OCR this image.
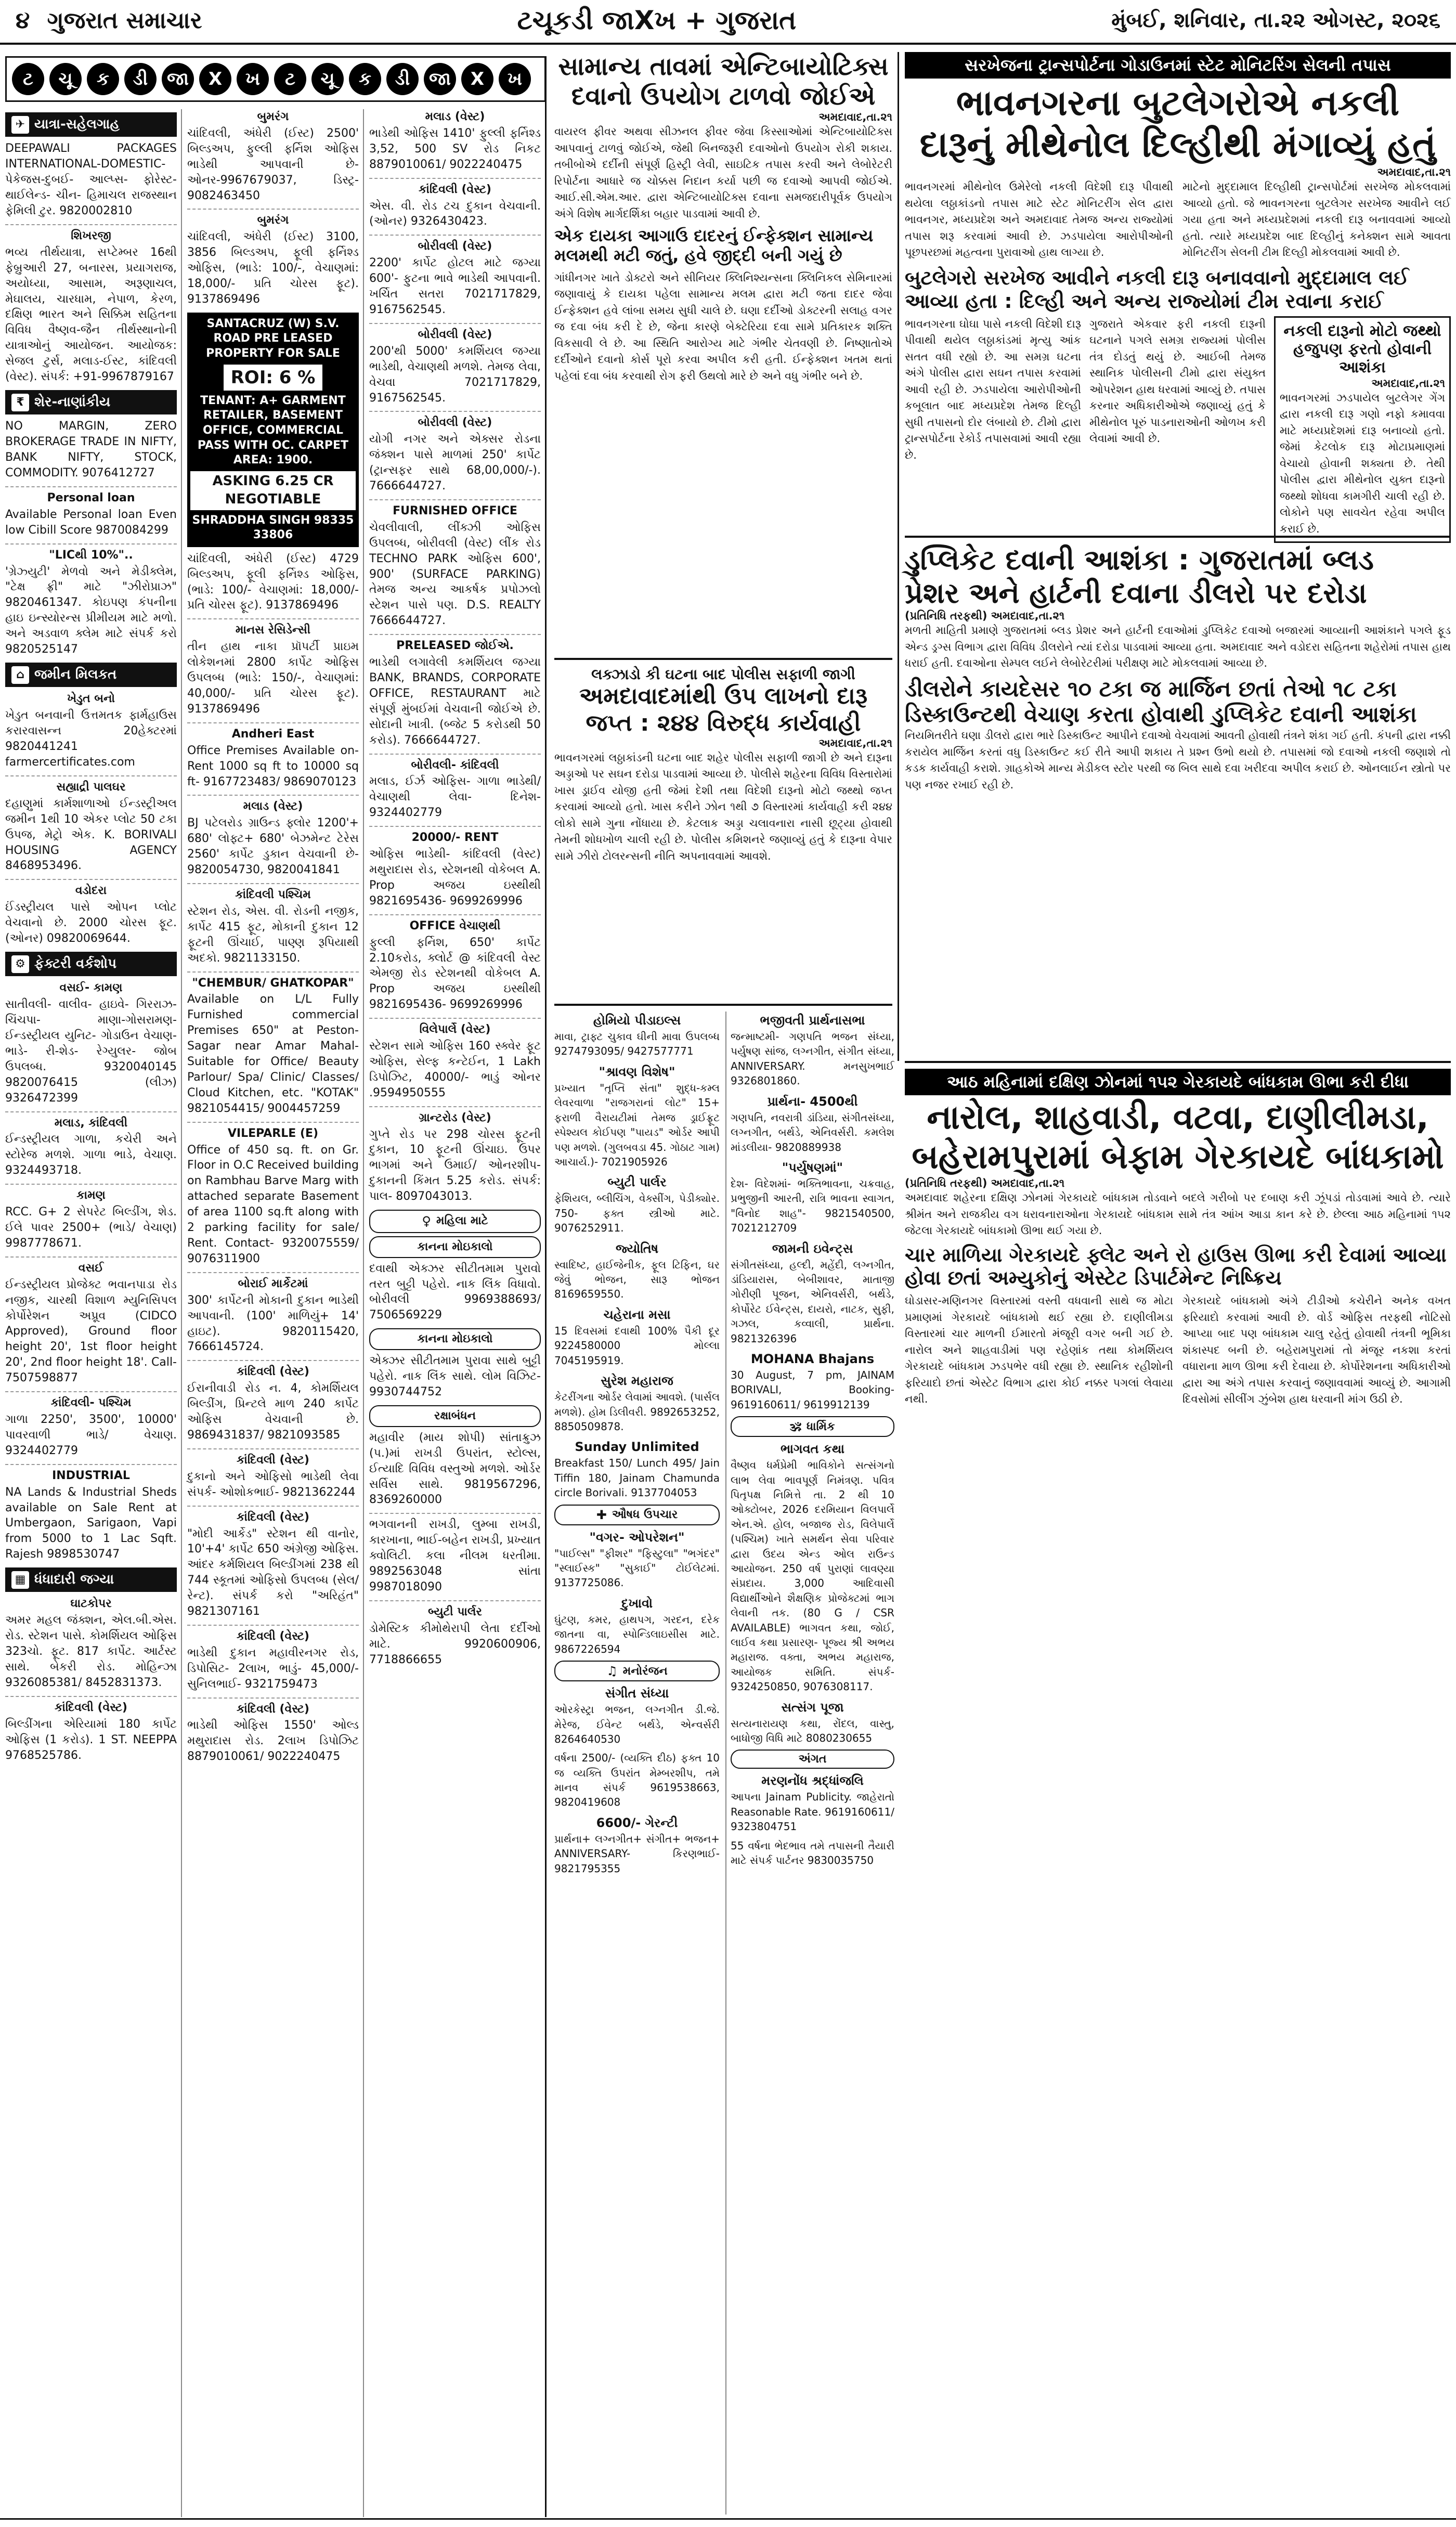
૪ ગુજરાત સમાચાર	ટચૂકડી જાXખ + ગુજરાત	મુંબઈ, શનિવાર, તા.૨૨ ઓગસ્ટ, ૨૦૨૬
ટ	ચૂ	ક	ડી	જા	X	ખ	ટ	ચૂ	ક	ડી	જા	X	ખ
✈ યાત્રા-સહેલગાહ
DEEPAWALI PACKAGES INTERNATIONAL-DOMESTIC- પેકેજસ-દુબઈ- આલ્પ્સ- ફોરેસ્ટ- થાઈલેન્ડ- ચીન- હિમાચલ રાજસ્થાન ફેમિલી ટુર. 9820002810
શિખરજી
ભવ્ય તીર્થયાત્રા, સપ્ટેમ્બર 16થી ફેબ્રુઆરી 27, બનારસ, પ્રયાગરાજ, અયોધ્યા, આસામ, અરૂણાચલ, મેઘાલય, ચારધામ, નેપાળ, કેરળ, દક્ષિણ ભારત અને સિક્કિમ સહિતના વિવિધ વૈષ્ણવ-જૈન તીર્થસ્થાનોની યાત્રાઓનું આયોજન. આયોજક: સેજલ ટુર્સ, મલાડ-ઈસ્ટ, કાંદિવલી (વેસ્ટ). સંપર્ક: +91-9967879167
₹ શેર-નાણાંકીય
NO MARGIN, ZERO BROKERAGE TRADE IN NIFTY, BANK NIFTY, STOCK, COMMODITY. 9076412727
Personal loan
Available Personal loan Even low Cibill Score 9870084299
"LICથી 10%"..
'ગ્રેઝ્યુટી' મેળવો અને મેડીક્લેમ, "ટેક્ષ ફ્રી" માટે "ઝીરોપ્રાઝ" 9820461347. કોઇપણ કંપનીના હાઇ ઇન્સ્યોરન્સ પ્રીમીયમ માટે મળો. અને અડવાળ ક્લેમ માટે સંપર્ક કરો 9820525147
⌂ જમીન મિલકત
ખેડુત બનો
ખેડુત બનવાની ઉત્તમતક ફાર્મહાઉસ કરારવાસન્ન 20હેક્ટરમાં 9820441241 farmercertificates.com
સહ્યાદ્રી પાલઘર
દહાણુમાં કાર્મશાળાઓ ઈન્ડસ્ટ્રીઅલ જમીન 1થી 10 એકર પ્લોટ 50 ટકા ઉપજ, મેટ્રો એક. K. BORIVALI HOUSING AGENCY 8468953496.
વડોદરા
ઈંડસ્ટ્રીયલ પાસે ઓપન પ્લોટ વેચવાનો છે. 2000 ચોરસ ફૂટ. (ઓનર) 09820069644.
⚙ ફેક્ટરી વર્કશોપ
વસઈ- કામણ
સાતીવલી- વાલીવ- હાઇવે- ગિરરાઝ- ચિંચપા- માણા-ગોસરામણ- ઈન્ડસ્ટ્રીયલ યુનિટ- ગોડાઉન વેચાણ- ભાડે- રી-શેડ- રેગ્યુલર- જોબ ઉપલબ્ધ. 9320040145 9820076415	(લીઝ) 9326472399
મલાડ, કાંદિવલી
ઈન્ડસ્ટ્રીયલ ગાળા, કચેરી અને સ્ટોરેજ મળશે. ગાળા ભાડે, વેચાણ. 9324493718.
કામણ
RCC. G+ 2 સેપરેટ બિલ્ડીંગ, શેડ. ઈલે પાવર 2500+ (ભાડે/ વેચાણ) 9987778671.
વસઈ
ઈન્ડસ્ટ્રીયલ પ્રોજેક્ટ ભવાનપાડા રોડ નજીક, ચારથી વિશાળ મ્યુનિસિપલ કોર્પોરેશન અપ્રૂવ (CIDCO Approved), Ground floor height 20', 1st floor height 20', 2nd floor height 18'. Call- 7507598877
કાંદિવલી- પશ્ચિમ
ગાળા 2250', 3500', 10000' પાવરવાળી ભાડે/ વેચાણ. 9324402779
INDUSTRIAL
NA Lands & Industrial Sheds available on Sale Rent at Umbergaon, Sarigaon, Vapi from 5000 to 1 Lac Sqft. Rajesh 9898530747
▦ ધંધાદારી જગ્યા
ઘાટકોપર
અમર મહલ જંક્શન, એલ.બી.એસ. રોડ. સ્ટેશન પાસે. કોમર્શિયલ ઓફિસ 323ચો. ફૂટ. 817 કાર્પેટ. આર્ટસ્ટ સાથે. બેકરી રોડ. મોહિન્ઝા 9326085381/ 8452831373.
કાંદિવલી (વેસ્ટ)
બિલ્ડીંગના એરિયામાં 180 કાર્પેટ ઓફિસ (1 કરોડ). 1 ST. NEEPPA 9768525786.
બુમરંગ
ચાંદિવલી, અંધેરી (ઈસ્ટ) 2500' બિલ્ડઅપ, ફુલ્લી ફર્નિશ ઓફિસ ભાડેથી આપવાની છે- ઓનર-9967679037, ડિસ્ટ્ર- 9082463450
બુમરંગ
ચાંદિવલી, અંધેરી (ઈસ્ટ) 3100, 3856 બિલ્ડઅપ, ફૂલી ફર્નિશ્ડ ઓફિસ, (ભાડે: 100/-, વેચાણમાં: 18,000/- પ્રતિ ચોરસ ફૂટ). 9137869496
SANTACRUZ (W) S.V. ROAD PRE LEASED PROPERTY FOR SALE
ROI: 6 %
TENANT: A+ GARMENT RETAILER, BASEMENT OFFICE, COMMERCIAL PASS WITH OC. CARPET AREA: 1900.
ASKING 6.25 CR NEGOTIABLE
SHRADDHA SINGH 98335 33806
ચાંદિવલી, અંધેરી (ઈસ્ટ) 4729 બિલ્ડઅપ, ફૂલી ફર્નિશ્ડ ઓફિસ, (ભાડે: 100/- વેચાણમાં: 18,000/- પ્રતિ ચોરસ ફૂટ). 9137869496
માનસ રેસિડેન્સી
તીન હાથ નાકા પ્રૉપર્ટી પ્રાઇમ લોકેશનમાં 2800 કાર્પેટ ઓફિસ ઉપલબ્ધ (ભાડે: 150/-, વેચાણમાં: 40,000/- પ્રતિ ચોરસ ફૂટ). 9137869496
Andheri East
Office Premises Available on- Rent 1000 sq ft to 10000 sq ft- 9167723483/ 9869070123
મલાડ (વેસ્ટ)
BJ પટેલરોડ ગ્રાઉન્ડ ફ્લોર 1200'+ 680' લોફ્ટ+ 680' બેઝમેન્ટ ટેરેસ 2560' કાર્પેટ ડુકાન વેચવાની છે- 9820054730, 9820041841
કાંદિવલી પશ્ચિમ
સ્ટેશન રોડ, એસ. વી. રોડની નજીક, કાર્પેટ 415 ફૂટ, મોકાની દુકાન 12 ફૂટની ઊંચાઈ, પાણ્ણ રૂપિયાથી અદકો. 9821133150.
"CHEMBUR/ GHATKOPAR"
Available on L/L Fully Furnished commercial Premises 650" at Peston-Sagar near Amar Mahal-Suitable for Office/ Beauty Parlour/ Spa/ Clinic/ Classes/ Cloud Kitchen, etc. "KOTAK" 9821054415/ 9004457259
VILEPARLE (E)
Office of 450 sq. ft. on Gr. Floor in O.C Received building on Rambhau Barve Marg with attached separate Basement of area 1100 sq.ft along with 2 parking facility for sale/ Rent. Contact- 9320075559/ 9076311900
બોરાઈ માર્કેટમાં
300' કાર્પેટની મોકાની દુકાન ભાડેથી આપવાની. (100' માળિયું+ 14' હાઇટ). 9820115420, 7666145724.
કાંદિવલી (વેસ્ટ)
ઈરાનીવાડી રોડ ન. 4, કોમર્શિયલ બિલ્ડીંગ, પ્રિન્ટલે માળ 240 કાર્પેટ ઓફિસ વેચવાની છે. 9869431837/ 9821093585
કાંદિવલી (વેસ્ટ)
દુકાનો અને ઓફિસો ભાડેથી લેવા સંપર્ક- ઓશોકભાઈ- 9821362244
કાંદિવલી (વેસ્ટ)
"મોદી આર્કેડ" સ્ટેશન થી વાનોર, 10'+4' કાર્પેટ 650 અંગ્રેજી ઓફિસ. આંદર કર્મશિયલ બિલ્ડીંગમાં 238 થી 744 સ્કૂતમાં ઓફિસો ઉપલબ્ધ (સેલ/ રેન્ટ). સંપર્ક કરો "અરિહંત" 9821307161
કાંદિવલી (વેસ્ટ)
ભાડેથી દુકાન મહાવીરનગર રોડ, ડિપોસિટ- 2લાખ, ભાડું- 45,000/- સુનિલભાઈ- 9321759473
કાંદિવલી (વેસ્ટ)
ભાડેથી ઓફિસ 1550' ઓલ્ડ મથુરાદાસ રોડ. 2લાખ ડિપોઝિટ 8879010061/ 9022240475
મલાડ (વેસ્ટ)
ભાડેથી ઓફિસ 1410' ફુલ્લી ફર્નિશ્ડ 3,52, 500 SV રોડ નિકટ 8879010061/ 9022240475
કાંદિવલી (વેસ્ટ)
એસ. વી. રોડ ટચ દુકાન વેચવાની. (ઓનર) 9326430423.
બોરીવલી (વેસ્ટ)
2200' કાર્પેટ હોટલ માટે જગ્યા 600'- ફુટના ભાવે ભાડેથી આપવાની. ખર્ચિત સતરા 7021717829, 9167562545.
બોરીવલી (વેસ્ટ)
200'થી 5000' કમર્શિયલ જગ્યા ભાડેથી, વેચાણથી મળશે. તેમજ લેવા, વેચવા 7021717829, 9167562545.
બોરીવલી (વેસ્ટ)
યોગી નગર અને એક્સર રોડના જંક્શન પાસે માળમાં 250' કાર્પેટ (ટ્રાન્સફર સાથે 68,00,000/-). 7666644727.
FURNISHED OFFICE
ચેવલીવાલી, લીંક્ઝી ઓફિસ ઉપલબ્ધ, બોરીવલી (વેસ્ટ) લીંક રોડ TECHNO PARK ઓફિસ 600', 900' (SURFACE PARKING) તેમજ અન્ય આકર્ષક પ્રપોઝલો સ્ટેશન પાસે પણ. D.S. REALTY 7666644727.
PRELEASED જોઈએ.
ભાડેથી લગાવેલી કમર્શિયલ જગ્યા BANK, BRANDS, CORPORATE OFFICE, RESTAURANT માટે સંપૂર્ણ મુંબઈમાં વેચવાની જોઈએ છે. સોદાની ખાત્રી. (બ્જેટ 5 કરોડથી 50 કરોડ). 7666644727.
બોરીવલી- કાંદિવલી
મલાડ, ઈર્ઝ ઓફિસ- ગાળા ભાડેથી/ વેચાણથી લેવા- દિનેશ- 9324402779
20000/- RENT
ઓફિસ ભાડેથી- કાંદિવલી (વેસ્ટ) મથુરાદાસ રોડ, સ્ટેશનથી વોકેબલ A. Prop અજય ઇસ્થીથી 9821695436- 9699269996
OFFICE વેચાણથી
ફુલ્લી ફર્નિશ, 650' કાર્પેટ 2.10કરોડ, ક્લોર્ટ @ કાંદિવલી વેસ્ટ એમજી રોડ સ્ટેશનથી વોકેબલ A. Prop અજય ઇસ્થીથી 9821695436- 9699269996
વિલેપાર્લે (વેસ્ટ)
સ્ટેશન સામે ઓફિસ 160 સ્ક્વેર ફૂટ ઓફિસ, સેલ્ફ કન્ટેઈન, 1 Lakh ડિપોઝિટ, 40000/- ભાડું ઓનર .9594950555
ગ્રાન્ટરોડ (વેસ્ટ)
ગુપ્તે રોડ પર 298 ચોરસ ફૂટની દુકાન, 10 ફૂટની ઊંચાઇ. ઉપર ભાગમાં અને ઉમાઈ/ ઓનરશીપ- દુકાનની કિંમત 5.25 કરોડ. સંપર્ક: પાલ- 8097043013.
♀ મહિલા માટે
કાનના મોઇકાલો
દવાથી એક્ઝર સીટીતમામ પુરાવો તરત બુટ્ટી પહેરો. નાક લિંક વિધાવો. બોરીવલી 9969388693/ 7506569229
કાનના મોઇકાલો
એક્ઝર સીટીતમામ પુરાવા સાથે બુટ્ટી પહેરો. નાક લિંક સાથે. લોમ વિઝિટ- 9930744752
રક્ષાબંધન
મહાવીર (માય શોપી) સાંતાક્રુઝ (પ.)માં રાખડી ઉપરાંત, સ્ટોલ્સ, ઈત્યાદિ વિવિધ વસ્તુઓ મળશે. ઓર્ડર સર્વિસ સાથે. 9819567296, 8369260000
ભગવાનની રાખડી, લુમ્બા રાખડી, કારખાના, ભાઈ-બહેન રાખડી, પ્રખ્યાત ક્વોલિટી. કલા નીલમ ધરતીમા. 9892563048 સાંતા 9987018090
બ્યુટી પાર્લર
ડોમેસ્ટિક કીમોથેરાપી લેતા દર્દીઓ માટે. 9920600906, 7718866655
સામાન્ય તાવમાં એન્ટિબાયોટિક્સ
દવાનો ઉપયોગ ટાળવો જોઈએ
અમદાવાદ,તા.૨૧
વાયરલ ફીવર અથવા સીઝનલ ફીવર જેવા કિસ્સાઓમાં એન્ટિબાયોટિક્સ આપવાનું ટાળવું જોઈએ, જેથી બિનજરૂરી દવાઓનો ઉપયોગ રોકી શકાય. તબીબોએ દર્દીની સંપૂર્ણ હિસ્ટ્રી લેવી, સાઇટિક તપાસ કરવી અને લેબોરેટરી રિપોર્ટના આધારે જ ચોક્કસ નિદાન કર્યા પછી જ દવાઓ આપવી જોઈએ. આઈ.સી.એમ.આર. દ્વારા એન્ટિબાયોટિક્સ દવાના સમજદારીપૂર્વક ઉપયોગ અંગે વિશેષ માર્ગદર્શિકા બહાર પાડવામાં આવી છે.
એક દાયકા આગાઉ દાદરનું ઈન્ફેક્શન સામાન્ય મલમથી મટી જતું, હવે જીદ્દી બની ગયું છે
ગાંધીનગર ખાતે ડોક્ટરો અને સીનિયર ક્લિનિશ્યન્સના ક્લિનિકલ સેમિનારમાં જણાવાયું કે દાયકા પહેલા સામાન્ય મલમ દ્વારા મટી જતા દાદર જેવા ઈન્ફેક્શન હવે લાંબા સમય સુધી ચાલે છે. ઘણા દર્દીઓ ડોક્ટરની સલાહ વગર જ દવા બંધ કરી દે છે, જેના કારણે બેક્ટેરિયા દવા સામે પ્રતિકારક શક્તિ વિકસાવી લે છે. આ સ્થિતિ આરોગ્ય માટે ગંભીર ચેતવણી છે. નિષ્ણાતોએ દર્દીઓને દવાનો કોર્સ પૂરો કરવા અપીલ કરી હતી. ઈન્ફેક્શન ખતમ થતાં પહેલાં દવા બંધ કરવાથી રોગ ફરી ઉથલો મારે છે અને વધુ ગંભીર બને છે.
લક્ઝાડો કી ઘટના બાદ પોલીસ સફાળી જાગી
અમદાવાદમાંથી ઉપ લાખનો દારૂ
જપ્ત : ૨૪૪ વિરુદ્ધ કાર્યવાહી
અમદાવાદ,તા.૨૧
ભાવનગરમાં લઠ્ઠાકાંડની ઘટના બાદ શહેર પોલીસ સફાળી જાગી છે અને દારૂના અડ્ડાઓ પર સઘન દરોડા પાડવામાં આવ્યા છે. પોલીસે શહેરના વિવિધ વિસ્તારોમાં ખાસ ડ્રાઈવ યોજી હતી જેમાં દેશી તથા વિદેશી દારૂનો મોટો જથ્થો જપ્ત કરવામાં આવ્યો હતો. ખાસ કરીને ઝોન ૧થી ૭ વિસ્તારમાં કાર્યવાહી કરી ૨૪૪ લોકો સામે ગુના નોંધાયા છે. કેટલાક અડ્ડા ચલાવનારા નાસી છૂટ્યા હોવાથી તેમની શોધખોળ ચાલી રહી છે. પોલીસ કમિશનરે જણાવ્યું હતું કે દારૂના વેપાર સામે ઝીરો ટોલરન્સની નીતિ અપનાવવામાં આવશે.
સરખેજના ટ્રાન્સપોર્ટના ગોડાઉનમાં સ્ટેટ મોનિટરિંગ સેલની તપાસ
ભાવનગરના બુટલેગરોએ નકલી
દારૂનું મીથેનોલ દિલ્હીથી મંગાવ્યું હતું
અમદાવાદ,તા.૨૧
ભાવનગરમાં મીથેનોલ ઉમેરેલો નકલી વિદેશી દારૂ પીવાથી થયેલા લઠ્ઠાકાંડનો તપાસ માટે સ્ટેટ મોનિટરીંગ સેલ દ્વારા ભાવનગર, મધ્યપ્રદેશ અને અમદાવાદ તેમજ અન્ય રાજ્યોમાં તપાસ શરૂ કરવામાં આવી છે. ઝડપાયેલા આરોપીઓની પૂછપરછમાં મહત્વના પુરાવાઓ હાથ લાગ્યા છે.
માટેનો મુદ્દામાલ દિલ્હીથી ટ્રાન્સપોર્ટમાં સરખેજ મોકલવામાં આવ્યો હતો. જે ભાવનગરના બુટલેગર સરખેજ આવીને લઈ ગયા હતા અને મધ્યપ્રદેશમાં નકલી દારૂ બનાવવામાં આવ્યો હતો. ત્યારે મધ્યપ્રદેશ બાદ દિલ્હીનું કનેક્શન સામે આવતા મોનિટરીંગ સેલની ટીમ દિલ્હી મોકલવામાં આવી છે.
બુટલેગરો સરખેજ આવીને નકલી દારૂ બનાવવાનો મુદ્દામાલ લઈ
આવ્યા હતા : દિલ્હી અને અન્ય રાજ્યોમાં ટીમ રવાના કરાઈ
ભાવનગરના ઘોઘા પાસે નકલી વિદેશી દારૂ પીવાથી થયેલ લઠ્ઠાકાંડમાં મૃત્યુ આંક સતત વધી રહ્યો છે. આ સમગ્ર ઘટના અંગે પોલીસ દ્વારા સઘન તપાસ કરવામાં આવી રહી છે. ઝડપાયેલા આરોપીઓની કબૂલાત બાદ મધ્યપ્રદેશ તેમજ દિલ્હી સુધી તપાસનો દોર લંબાયો છે. ટીમો દ્વારા ટ્રાન્સપોર્ટના રેકોર્ડ તપાસવામાં આવી રહ્યા છે.
ગુજરાતે એકવાર ફરી નકલી દારૂની ઘટનાને પગલે સમગ્ર રાજ્યમાં પોલીસ તંત્ર દોડતું થયું છે. આઈબી તેમજ સ્થાનિક પોલીસની ટીમો દ્વારા સંયુક્ત ઓપરેશન હાથ ધરવામાં આવ્યું છે. તપાસ કરનાર અધિકારીઓએ જણાવ્યું હતું કે મીથેનોલ પૂરું પાડનારાઓની ઓળખ કરી લેવામાં આવી છે.
નકલી દારૂનો મોટો જથ્થો હજુપણ ફરતો હોવાની આશંકા
અમદાવાદ,તા.૨૧
ભાવનગરમાં ઝડપાયેલ બુટલેગર ગેંગ દ્વારા નકલી દારૂ ગણો નફો કમાવવા માટે મધ્યપ્રદેશમાં દારૂ બનાવ્યો હતો. જેમાં કેટલોક દારૂ મોટાપ્રમાણમાં વેચાયો હોવાની શક્યતા છે. તેથી પોલીસ દ્વારા મીથેનોલ યુક્ત દારૂનો જથ્થો શોધવા કામગીરી ચાલી રહી છે. લોકોને પણ સાવચેત રહેવા અપીલ કરાઈ છે.
ડુપ્લિકેટ દવાની આશંકા : ગુજરાતમાં બ્લડ
પ્રેશર અને હાર્ટની દવાના ડીલરો પર દરોડા
(પ્રતિનિધિ તરફથી) અમદાવાદ,તા.૨૧
મળતી માહિતી પ્રમાણે ગુજરાતમાં બ્લડ પ્રેશર અને હાર્ટની દવાઓમાં ડુપ્લિકેટ દવાઓ બજારમાં આવ્યાની આશંકાને પગલે ફૂડ એન્ડ ડ્રગ્સ વિભાગ દ્વારા વિવિધ ડીલરોને ત્યાં દરોડા પાડવામાં આવ્યા હતા. અમદાવાદ અને વડોદરા સહિતના શહેરોમાં તપાસ હાથ ધરાઈ હતી. દવાઓના સેમ્પલ લઈને લેબોરેટરીમાં પરીક્ષણ માટે મોકલવામાં આવ્યા છે.
ડીલરોને કાયદેસર ૧૦ ટકા જ માર્જિન છતાં તેઓ ૧૮ ટકા
ડિસ્કાઉન્ટથી વેચાણ કરતા હોવાથી ડુપ્લિકેટ દવાની આશંકા
નિયમિતરીતે ઘણા ડીલરો દ્વારા ભારે ડિસ્કાઉન્ટ આપીને દવાઓ વેચવામાં આવતી હોવાથી તંત્રને શંકા ગઈ હતી. કંપની દ્વારા નક્કી કરાયેલ માર્જિન કરતાં વધુ ડિસ્કાઉન્ટ કઈ રીતે આપી શકાય તે પ્રશ્ન ઉભો થયો છે. તપાસમાં જો દવાઓ નકલી જણાશે તો કડક કાર્યવાહી કરાશે. ગ્રાહકોએ માન્ય મેડીકલ સ્ટોર પરથી જ બિલ સાથે દવા ખરીદવા અપીલ કરાઈ છે. ઓનલાઈન સ્ત્રોતો પર પણ નજર રખાઈ રહી છે.
આઠ મહિનામાં દક્ષિણ ઝોનમાં ૧૫૨ ગેરકાયદે બાંધકામ ઊભા કરી દીધા
નારોલ, શાહવાડી, વટવા, દાણીલીમડા,
બહેરામપુરામાં બેફામ ગેરકાયદે બાંધકામો
(પ્રતિનિધિ તરફથી) અમદાવાદ,તા.૨૧
અમદાવાદ શહેરના દક્ષિણ ઝોનમાં ગેરકાયદે બાંધકામ તોડવાને બદલે ગરીબો પર દબાણ કરી ઝૂંપડાં તોડવામાં આવે છે. ત્યારે શ્રીમંત અને રાજકીય વગ ધરાવનારાઓના ગેરકાયદે બાંધકામ સામે તંત્ર આંખ આડા કાન કરે છે. છેલ્લા આઠ મહિનામાં ૧૫૨ જેટલા ગેરકાયદે બાંધકામો ઊભા થઈ ગયા છે.
ચાર માળિયા ગેરકાયદે ફ્લેટ અને રો હાઉસ ઊભા કરી દેવામાં આવ્યા
હોવા છતાં અમ્યુકોનું એસ્ટેટ ડિપાર્ટમેન્ટ નિષ્ક્રિય
ઘોડાસર-મણિનગર વિસ્તારમાં વસ્તી વધવાની સાથે જ મોટા પ્રમાણમાં ગેરકાયદે બાંધકામો થઈ રહ્યા છે. દાણીલીમડા વિસ્તારમાં ચાર માળની ઈમારતો મંજૂરી વગર બની ગઈ છે. નારોલ અને શાહવાડીમાં પણ રહેણાંક તથા કોમર્શિયલ ગેરકાયદે બાંધકામ ઝડપભેર વધી રહ્યા છે. સ્થાનિક રહીશોની ફરિયાદો છતાં એસ્ટેટ વિભાગ દ્વારા કોઈ નક્કર પગલાં લેવાયા નથી.
ગેરકાયદે બાંધકામો અંગે ટીડીઓ કચેરીને અનેક વખત ફરિયાદો કરવામાં આવી છે. વોર્ડ ઓફિસ તરફથી નોટિસો આપ્યા બાદ પણ બાંધકામ ચાલુ રહેતું હોવાથી તંત્રની ભૂમિકા શંકાસ્પદ બની છે. બહેરામપુરામાં તો મંજૂર નકશા કરતાં વધારાના માળ ઊભા કરી દેવાયા છે. કોર્પોરેશનના અધિકારીઓ દ્વારા આ અંગે તપાસ કરવાનું જણાવવામાં આવ્યું છે. આગામી દિવસોમાં સીલીંગ ઝુંબેશ હાથ ધરવાની માંગ ઉઠી છે.
હોમિયો પીડાઇલ્સ
માવા, ટ્રાફ્ટ ચુકાવ ઘીની માવા ઉપલબ્ધ 9274793095/ 9427577771
"શ્રાવણ વિશેષ"
પ્રખ્યાત "તૃપ્તિ સંતા" શુદ્ધ-કમ્લ લેવરવાળા "રાજગરાનાં લોટ" 15+ ફરાળી વૈરાયટીમાં તેમજ ડ્રાઈફ્રૂટ સ્પેશ્યલ કોઈપણ "પાયડ" ઓર્ડર આપી પણ મળશે. (ગુલબવડા 45. ગોઠાટ ગામ) આચાર્ય.)- 7021905926
બ્યુટી પાર્લર
ફેશિયલ, બ્લીચિંગ, વેક્સીંગ, પેડીક્યોર. 750- ફક્ત સ્ત્રીઓ માટે. 9076252911.
જ્યોતિષ
સ્વાદિષ્ટ, હાઈજેનીક, ફૂલ ટિફિન, ઘર જેવું ભોજન, સારૂ ભોજન 8169659550.
ચહેરાના મસા
15 દિવસમાં દવાથી 100% પૈકી દૂર 9224580000 મોલ્લા 7045195919.
સુરેશ મહારાજ
કેટરીંગના ઓર્ડર લેવામાં આવશે. (પાર્સલ મળશે). હોમ ડિલીવરી. 9892653252, 8850509878.
Sunday Unlimited
Breakfast 150/ Lunch 495/ Jain Tiffin 180, Jainam Chamunda circle Borivali. 9137704053
✚ ઔષધ ઉપચાર
"વગર- ઓપરેશન"
"પાઈલ્સ" "ફીશર" "ફિસ્ટુલા" "ભગંદર" "સ્લાઈસ્ક" "સુકાઈ" ટોઈલેટમાં. 9137725086.
દુખાવો
ઘુંટણ, કમર, હાથપગ, ગરદન, દરેક જાતના વા, સ્પોન્ડિલાઇસીસ માટે. 9867226594
♫ મનોરંજન
સંગીત સંધ્યા
ઓરકેસ્ટ્રા ભજન, લગ્નગીત ડી.જે. મેરેજ, ઈવેન્ટ બર્થડે, એન્વર્સરી 8264640530
વર્ષના 2500/- (વ્યક્તિ દીઠ) ફક્ત 10 જ વ્યક્તિ ઉપરાંત મેમ્બરશીપ, તમે માનવ સંપર્ક 9619538663, 9820419608
6600/- ગેરન્ટી
પ્રાર્થના+ લગ્નગીત+ સંગીત+ ભજન+ ANNIVERSARY- કિરણભાઈ- 9821795355
ભજીવતી પ્રાર્થનાસભા
જન્માષ્ટમી- ગણપતિ ભજન સંધ્યા, પર્યુષણ સાંજ, લગ્નગીત, સંગીત સંધ્યા, ANNIVERSARY. મનસુખભાઈ 9326801860.
પ્રાર્થના- 4500થી
ગણપતિ, નવરાત્રી ડાંડિયા, સંગીતસંધ્યા, લગ્નગીત, બર્થડે, એનિવર્સરી. કમલેશ માંડલીયા- 9820889938
"પર્યુષણમાં"
દેશ- વિદેશમાં- ભક્તિભાવના, ચક્રવાહ, પ્રભુજીની આરતી, રાત્રિ ભાવના સ્વાગત, "વિનોદ શાહ"- 9821540500, 7021212709
જામની ઇવેન્ટ્સ
સંગીતસંધ્યા, હલ્દી, મહેંદી, લગ્નગીત, ડાંડિયારાસ, બેબીશાવર, માતાજી ગોરીણી પૂજન, એનિવર્સરી, બર્થડે, કોર્પોરેટ ઈવેન્ટ્સ, દાયરો, નાટક, સુફી, ગઝલ, કવ્વાલી, પ્રાર્થના. 9821326396
MOHANA Bhajans
30 August, 7 pm, JAINAM BORIVALI, Booking- 9619160611/ 9619912139
🕉 ધાર્મિક
ભાગવત કથા
વૈષ્ણવ ધર્મપ્રેમી ભાવિકોને સત્સંગનો લાભ લેવા ભાવપૂર્ણ નિમંત્રણ. પવિત્ર પિતૃપક્ષ નિમિત્તે તા. 2 થી 10 ઓક્ટોબર, 2026 દરમિયાન વિલપાર્લે એન.એ. હોલ, બજાજ રોડ, વિલેપાર્લે (પશ્ચિમ) ખાતે સમર્થન સેવા પરિવાર દ્વારા ઉદય એન્ડ ઓલ રાઉન્ડ આયોજન. 250 વર્ષ પુરાણાં લાવણ્યા સંપ્રદાય. 3,000 આદિવાસી વિદ્યાર્થીઓને શૈક્ષણિક પ્રોજેક્ટમાં ભાગ લેવાની તક. (80 G / CSR AVAILABLE) ભાગવત કથા, જોઈ, લાઈવ કથા પ્રસારણ- પૂજ્ય શ્રી અભય મહારાજ. વક્તા, અભય મહારાજ, આયોજક સમિતિ. સંપર્ક- 9324250850, 9076308117.
સત્સંગ પૂજા
સત્યનારાયણ કથા, રોંદલ, વાસ્તુ, બાધોજી વિધિ માટે 8080230655
અંગત
મરણનોંધ શ્રદ્ધાંજલિ
આપના Jainam Publicity. જાહેરાતો Reasonable Rate. 9619160611/ 9323804751
55 વર્ષના ભેદભાવ તમે તપાસની તૈયારી માટે સંપર્ક પાર્ટનર 9830035750
